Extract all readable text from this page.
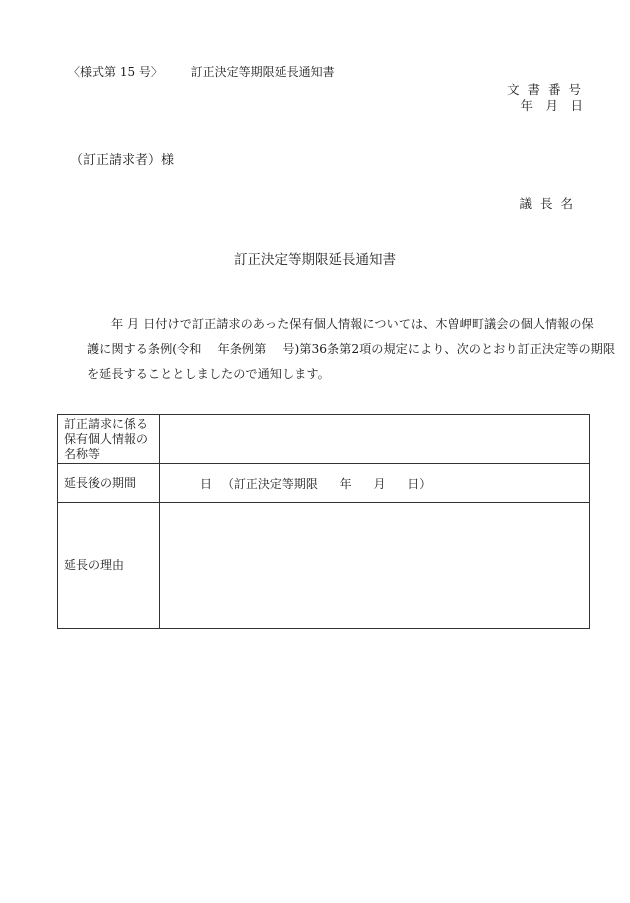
〈様式第 15 号〉 訂正決定等期限延長通知書
文 書 番 号
年　月　日
（訂正請求者）様
議 長 名
訂正決定等期限延長通知書
年 月 日付けで訂正請求のあった保有個人情報については、木曽岬町議会の個人情報の保
護に関する条例(令和　 年条例第　 号)第36条第2項の規定により、次のとおり訂正決定等の期限
を延長することとしましたので通知します。
訂正請求に係る保有個人情報の名称等	
延長後の期間	日 （訂正決定等期限　 年　 月　 日）
延長の理由	
